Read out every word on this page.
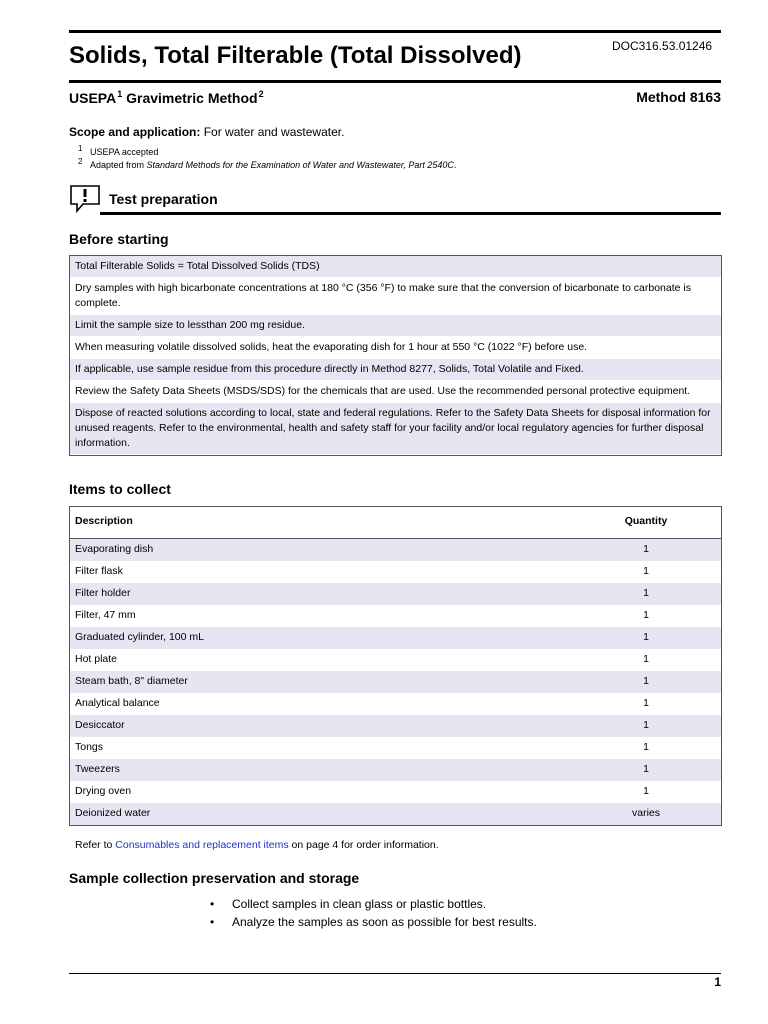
Solids, Total Filterable (Total Dissolved)	DOC316.53.01246
USEPA$^1$ Gravimetric Method$^2$	Method 8163
Scope and application: For water and wastewater.
1 USEPA accepted
2 Adapted from Standard Methods for the Examination of Water and Wastewater, Part 2540C.
Test preparation
Before starting
Total Filterable Solids = Total Dissolved Solids (TDS)
Dry samples with high bicarbonate concentrations at 180 °C (356 °F) to make sure that the conversion of bicarbonate to carbonate is complete.
Limit the sample size to lessthan 200 mg residue.
When measuring volatile dissolved solids, heat the evaporating dish for 1 hour at 550 °C (1022 °F) before use.
If applicable, use sample residue from this procedure directly in Method 8277, Solids, Total Volatile and Fixed.
Review the Safety Data Sheets (MSDS/SDS) for the chemicals that are used. Use the recommended personal protective equipment.
Dispose of reacted solutions according to local, state and federal regulations. Refer to the Safety Data Sheets for disposal information for unused reagents. Refer to the environmental, health and safety staff for your facility and/or local regulatory agencies for further disposal information.
Items to collect
Description	Quantity
Evaporating dish	1
Filter flask	1
Filter holder	1
Filter, 47 mm	1
Graduated cylinder, 100 mL	1
Hot plate	1
Steam bath, 8" diameter	1
Analytical balance	1
Desiccator	1
Tongs	1
Tweezers	1
Drying oven	1
Deionized water	varies
Refer to Consumables and replacement items on page 4 for order information.
Sample collection preservation and storage
• Collect samples in clean glass or plastic bottles.
• Analyze the samples as soon as possible for best results.
1
